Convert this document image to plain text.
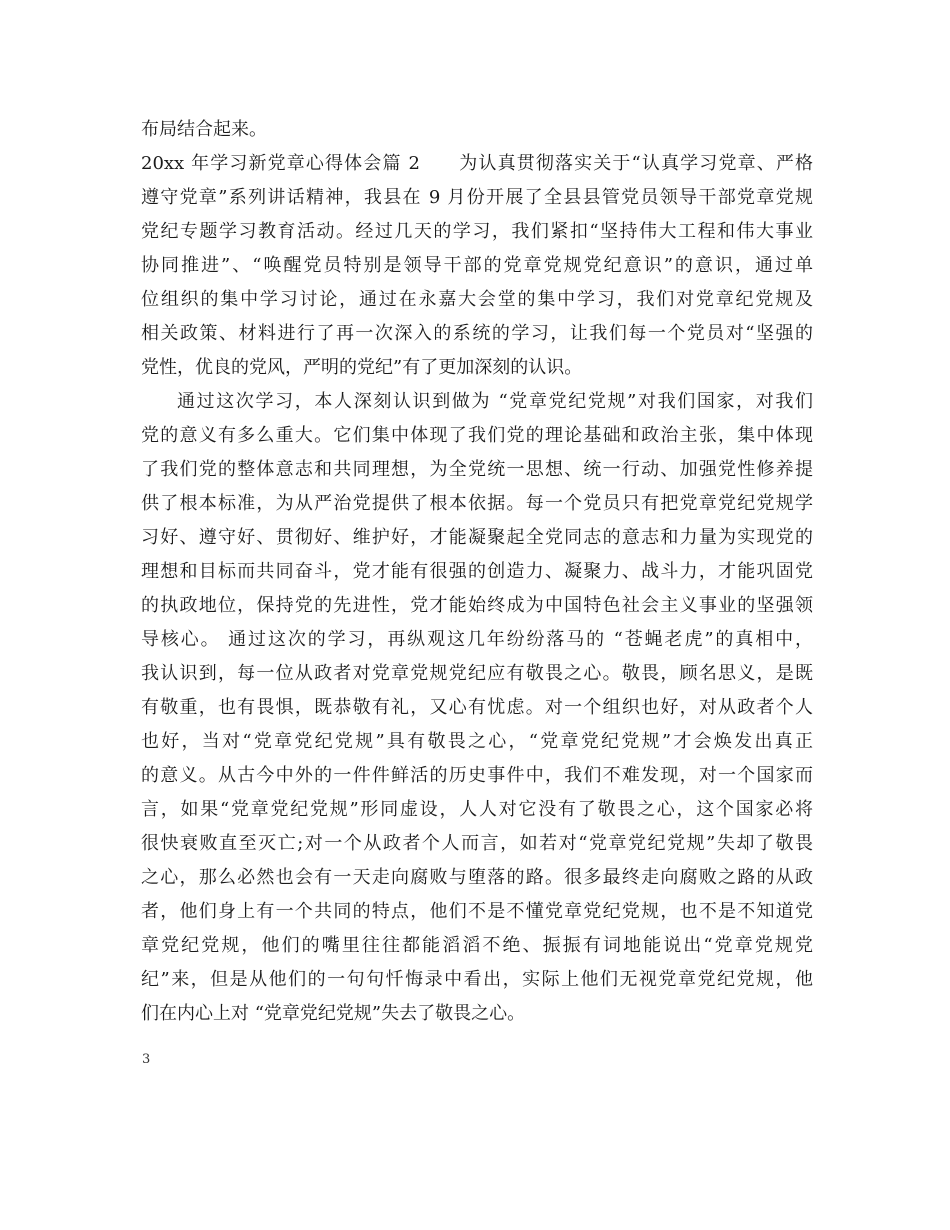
布局结合起来。
20xx 年学习新党章心得体会篇 2　　为认真贯彻落实关于“认真学习党章、严格
遵守党章”系列讲话精神，我县在 9 月份开展了全县县管党员领导干部党章党规
党纪专题学习教育活动。经过几天的学习，我们紧扣“坚持伟大工程和伟大事业
协同推进”、“唤醒党员特别是领导干部的党章党规党纪意识”的意识，通过单
位组织的集中学习讨论，通过在永嘉大会堂的集中学习，我们对党章纪党规及
相关政策、材料进行了再一次深入的系统的学习，让我们每一个党员对“坚强的
党性，优良的党风，严明的党纪”有了更加深刻的认识。
通过这次学习，本人深刻认识到做为 “党章党纪党规”对我们国家，对我们
党的意义有多么重大。它们集中体现了我们党的理论基础和政治主张，集中体现
了我们党的整体意志和共同理想，为全党统一思想、统一行动、加强党性修养提
供了根本标准，为从严治党提供了根本依据。每一个党员只有把党章党纪党规学
习好、遵守好、贯彻好、维护好，才能凝聚起全党同志的意志和力量为实现党的
理想和目标而共同奋斗，党才能有很强的创造力、凝聚力、战斗力，才能巩固党
的执政地位，保持党的先进性，党才能始终成为中国特色社会主义事业的坚强领
导核心。 通过这次的学习，再纵观这几年纷纷落马的 “苍蝇老虎”的真相中，
我认识到，每一位从政者对党章党规党纪应有敬畏之心。敬畏，顾名思义，是既
有敬重，也有畏惧，既恭敬有礼，又心有忧虑。对一个组织也好，对从政者个人
也好，当对“党章党纪党规”具有敬畏之心，“党章党纪党规”才会焕发出真正
的意义。从古今中外的一件件鲜活的历史事件中，我们不难发现，对一个国家而
言，如果“党章党纪党规”形同虚设，人人对它没有了敬畏之心，这个国家必将
很快衰败直至灭亡;对一个从政者个人而言，如若对“党章党纪党规”失却了敬畏
之心，那么必然也会有一天走向腐败与堕落的路。很多最终走向腐败之路的从政
者，他们身上有一个共同的特点，他们不是不懂党章党纪党规，也不是不知道党
章党纪党规，他们的嘴里往往都能滔滔不绝、振振有词地能说出“党章党规党
纪”来，但是从他们的一句句忏悔录中看出，实际上他们无视党章党纪党规，他
们在内心上对 “党章党纪党规”失去了敬畏之心。
3
